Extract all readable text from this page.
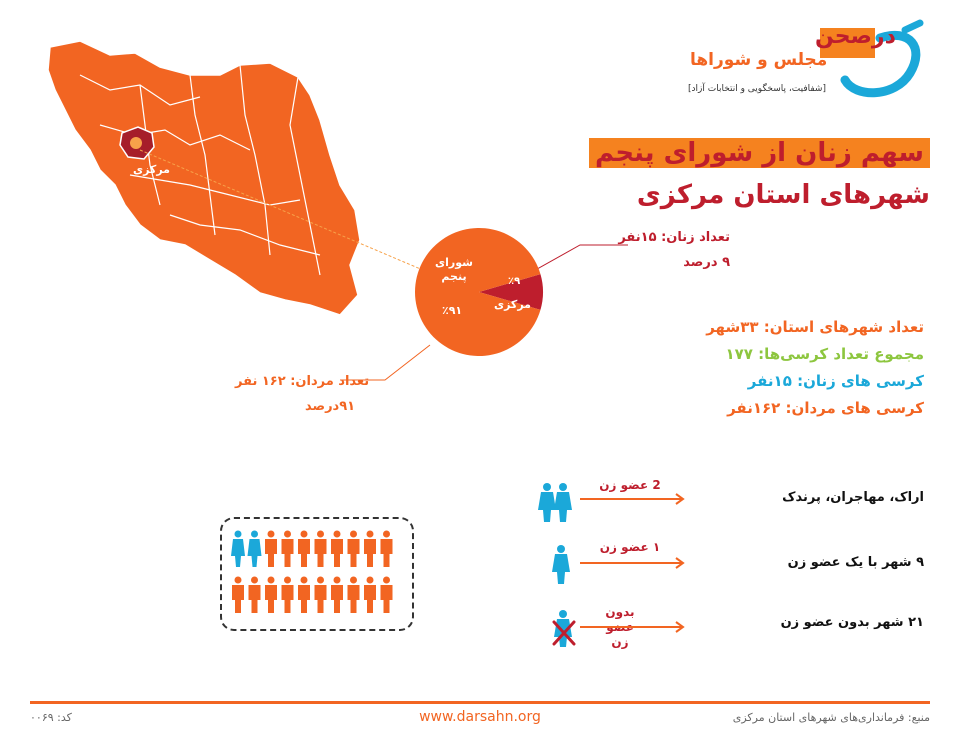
درصحن
مجلس و شوراها
[شفافیت، پاسخگویی و انتخابات آزاد]
سهم زنان از شورای پنجم
شهرهای استان مرکزی
مرکزی
شورای پنجم
٩١٪
٩٪
مرکزی
تعداد زنان: ۱۵نفر
۹ درصد
تعداد مردان: ۱۶۲ نفر
۹۱درصد
تعداد شهرهای استان: ۳۳شهر
مجموع تعداد کرسی‌ها: ۱۷۷
کرسی های زنان: ۱۵نفر
کرسی های مردان: ۱۶۲نفر
اراک، مهاجران، پرندک
۹ شهر با یک عضو زن
۲۱ شهر بدون عضو زن
2 عضو زن
۱ عضو زن
بدون عضو زن
منبع: فرمانداری‌های شهرهای استان مرکزی
www.darsahn.org
کد: ۰۰۶۹
